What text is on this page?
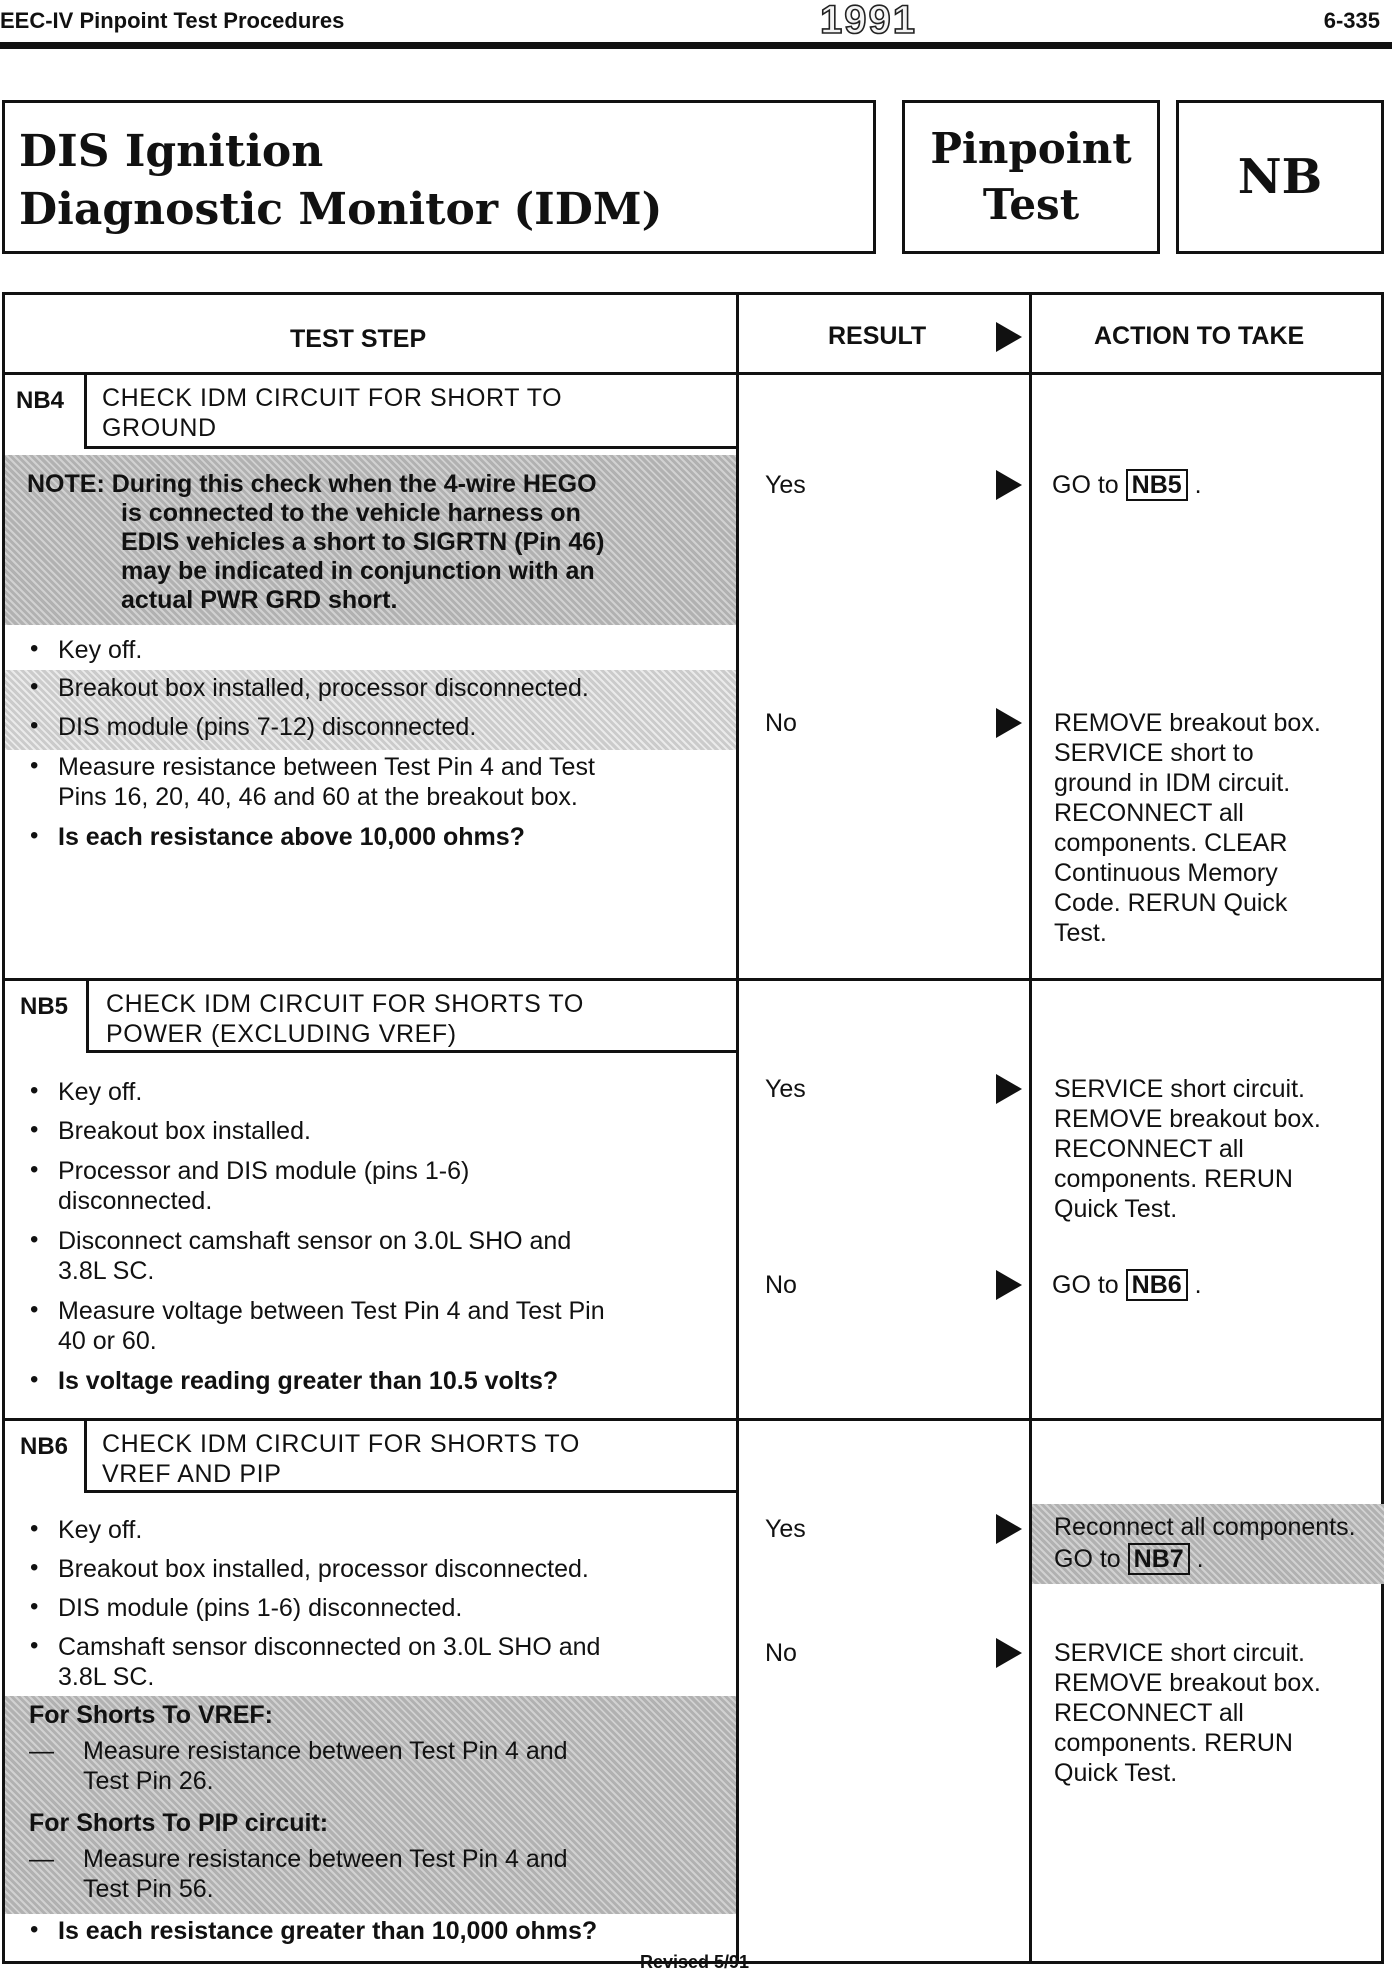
EEC-IV Pinpoint Test Procedures	1991	6-335
DIS Ignition
Diagnostic Monitor (IDM)
Pinpoint
Test	NB
TEST STEP	RESULT	ACTION TO TAKE
NB4 CHECK IDM CIRCUIT FOR SHORT TO
GROUND
NOTE: During this check when the 4-wire HEGO
is connected to the vehicle harness on
EDIS vehicles a short to SIGRTN (Pin 46)
may be indicated in conjunction with an
actual PWR GRD short.
Key off.
•
• Breakout box installed, processor disconnected.
• DIS module (pins 7-12) disconnected.
• Measure resistance between Test Pin 4 and Test
Pins 16, 20, 40, 46 and 60 at the breakout box.
• Is each resistance above 10,000 ohms?
Yes	GO to NB5 .
No	REMOVE breakout box.
SERVICE short to
ground in IDM circuit.
RECONNECT all
components. CLEAR
Continuous Memory
Code. RERUN Quick
Test.
NB5 CHECK IDM CIRCUIT FOR SHORTS TO
POWER (EXCLUDING VREF)
• Key off.
• Breakout box installed.
• Processor and DIS module (pins 1-6)
disconnected.
• Disconnect camshaft sensor on 3.0L SHO and
3.8L SC.
• Measure voltage between Test Pin 4 and Test Pin
40 or 60.
• Is voltage reading greater than 10.5 volts?
Yes	SERVICE short circuit.
REMOVE breakout box.
RECONNECT all
components. RERUN
Quick Test.
No	GO to NB6 .
NB6 CHECK IDM CIRCUIT FOR SHORTS TO
VREF AND PIP
• Key off.
• Breakout box installed, processor disconnected.
• DIS module (pins 1-6) disconnected.
• Camshaft sensor disconnected on 3.0L SHO and
3.8L SC.
For Shorts To VREF:
— Measure resistance between Test Pin 4 and
Test Pin 26.
For Shorts To PIP circuit:
— Measure resistance between Test Pin 4 and
Test Pin 56.
• Is each resistance greater than 10,000 ohms?
Yes	Reconnect all components.
GO to NB7 .
No	SERVICE short circuit.
REMOVE breakout box.
RECONNECT all
components. RERUN
Quick Test.
Revised 5/91
